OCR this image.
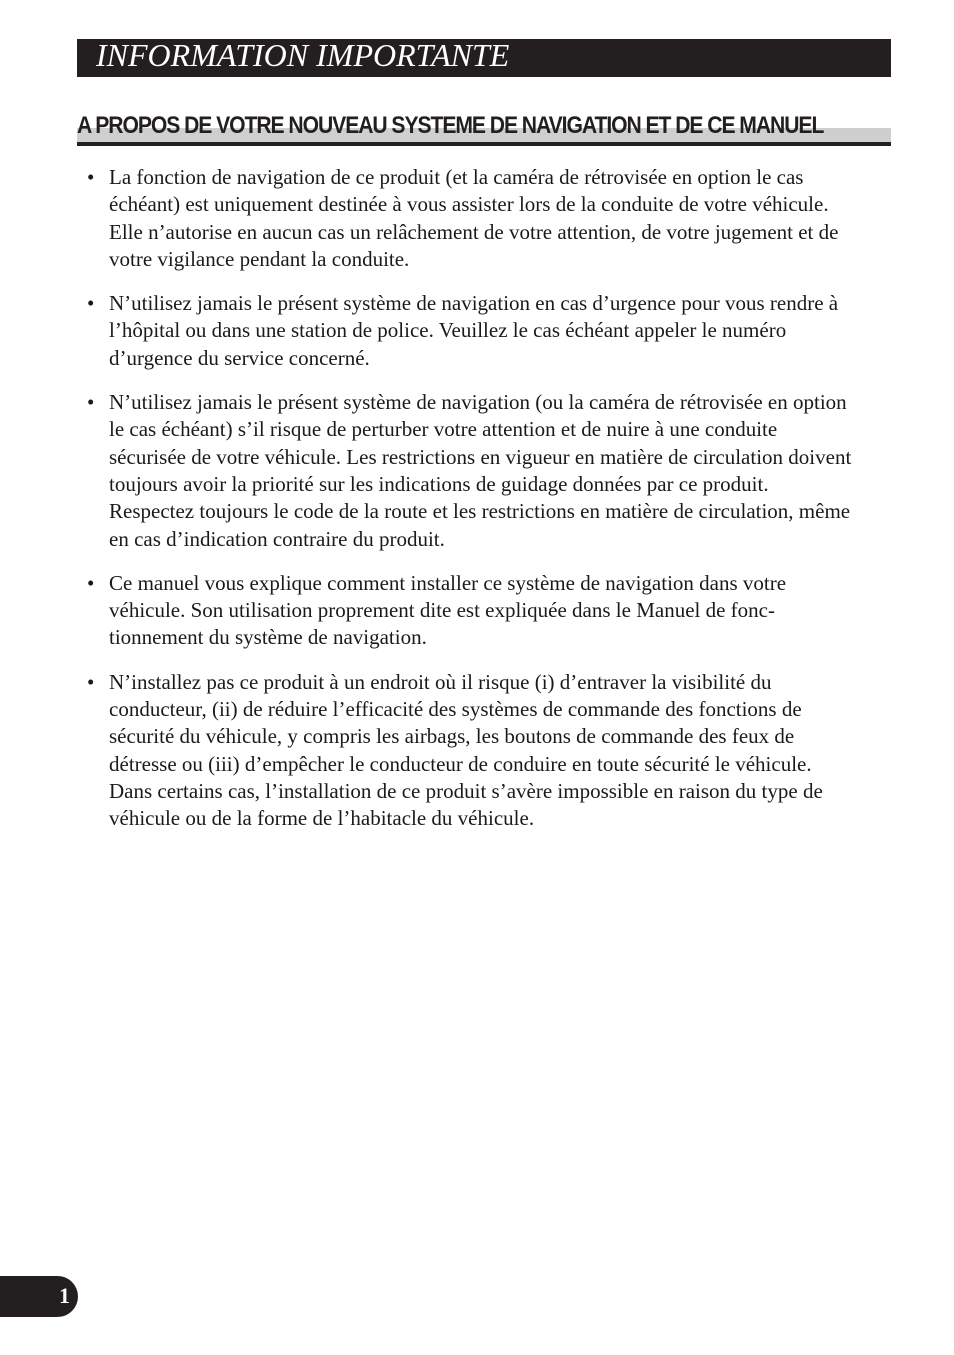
INFORMATION IMPORTANTE
A PROPOS DE VOTRE NOUVEAU SYSTEME DE NAVIGATION ET DE CE MANUEL
• La fonction de navigation de ce produit (et la caméra de rétrovisée en option le cas échéant) est uniquement destinée à vous assister lors de la conduite de votre véhicule. Elle n’autorise en aucun cas un relâchement de votre attention, de votre jugement et de votre vigilance pendant la conduite.
• N’utilisez jamais le présent système de navigation en cas d’urgence pour vous rendre à l’hôpital ou dans une station de police. Veuillez le cas échéant appeler le numéro d’urgence du service concerné.
• N’utilisez jamais le présent système de navigation (ou la caméra de rétrovisée en option le cas échéant) s’il risque de perturber votre attention et de nuire à une conduite sécurisée de votre véhicule. Les restrictions en vigueur en matière de circulation doivent toujours avoir la priorité sur les indications de guidage données par ce produit. Respectez toujours le code de la route et les restrictions en matière de circulation, même en cas d’indication contraire du produit.
• Ce manuel vous explique comment installer ce système de navigation dans votre véhicule. Son utilisation proprement dite est expliquée dans le Manuel de fonctionnement du système de navigation.
• N’installez pas ce produit à un endroit où il risque (i) d’entraver la visibilité du conducteur, (ii) de réduire l’efficacité des systèmes de commande des fonctions de sécurité du véhicule, y compris les airbags, les boutons de commande des feux de détresse ou (iii) d’empêcher le conducteur de conduire en toute sécurité le véhicule. Dans certains cas, l’installation de ce produit s’avère impossible en raison du type de véhicule ou de la forme de l’habitacle du véhicule.
1
